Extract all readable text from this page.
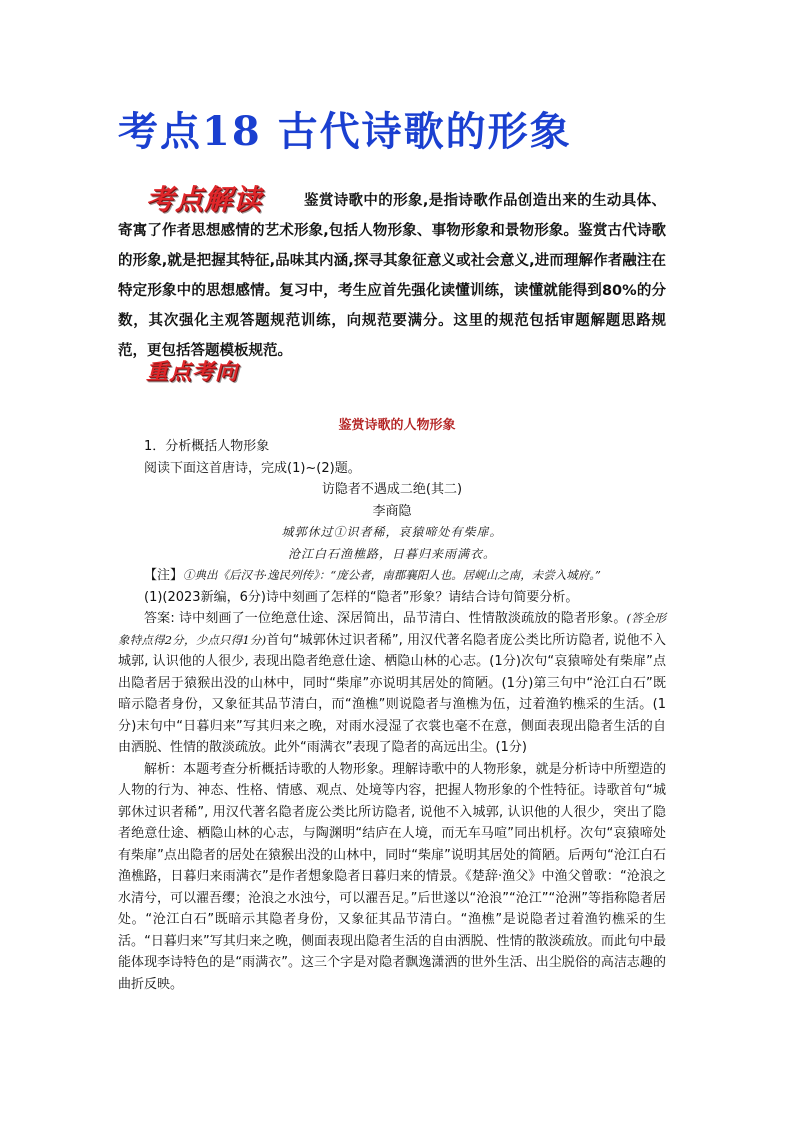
考点18 古代诗歌的形象
考点解读	鉴赏诗歌中的形象,是指诗歌作品创造出来的生动具体、寄寓了作者思想感情的艺术形象,包括人物形象、事物形象和景物形象。鉴赏古代诗歌的形象,就是把握其特征,品味其内涵,探寻其象征意义或社会意义,进而理解作者融注在特定形象中的思想感情。复习中，考生应首先强化读懂训练，读懂就能得到80%的分数，其次强化主观答题规范训练，向规范要满分。这里的规范包括审题解题思路规范，更包括答题模板规范。
重点考向
鉴赏诗歌的人物形象

1．分析概括人物形象

阅读下面这首唐诗，完成(1)~(2)题。

访隐者不遇成二绝(其二)

李商隐

城郭休过①识者稀，哀猿啼处有柴扉。

沧江白石渔樵路，日暮归来雨满衣。

【注】①典出《后汉书·逸民列传》：“庞公者，南郡襄阳人也。居岘山之南，未尝入城府。”

(1)(2023新编，6分)诗中刻画了怎样的“隐者”形象？请结合诗句简要分析。

答案: 诗中刻画了一位绝意仕途、深居简出，品节清白、性情散淡疏放的隐者形象。(答全形象特点得2分，少点只得1分)首句“城郭休过识者稀”, 用汉代著名隐者庞公类比所访隐者, 说他不入城郭, 认识他的人很少, 表现出隐者绝意仕途、栖隐山林的心志。(1分)次句“哀猿啼处有柴扉”点出隐者居于猿猴出没的山林中，同时“柴扉”亦说明其居处的简陋。(1分)第三句中“沧江白石”既暗示隐者身份，又象征其品节清白，而“渔樵”则说隐者与渔樵为伍，过着渔钓樵采的生活。(1分)末句中“日暮归来”写其归来之晚，对雨水浸湿了衣裳也毫不在意，侧面表现出隐者生活的自由洒脱、性情的散淡疏放。此外“雨满衣”表现了隐者的高远出尘。(1分)

解析：本题考查分析概括诗歌的人物形象。理解诗歌中的人物形象，就是分析诗中所塑造的人物的行为、神态、性格、情感、观点、处境等内容，把握人物形象的个性特征。诗歌首句“城郭休过识者稀”, 用汉代著名隐者庞公类比所访隐者, 说他不入城郭, 认识他的人很少，突出了隐者绝意仕途、栖隐山林的心志，与陶渊明“结庐在人境，而无车马喧”同出机杼。次句“哀猿啼处有柴扉”点出隐者的居处在猿猴出没的山林中，同时“柴扉”说明其居处的简陋。后两句“沧江白石渔樵路，日暮归来雨满衣”是作者想象隐者日暮归来的情景。《楚辞·渔父》中渔父曾歌：“沧浪之水清兮，可以濯吾缨；沧浪之水浊兮，可以濯吾足。”后世遂以“沧浪”“沧江”“沧洲”等指称隐者居处。“沧江白石”既暗示其隐者身份，又象征其品节清白。“渔樵”是说隐者过着渔钓樵采的生活。“日暮归来”写其归来之晚，侧面表现出隐者生活的自由洒脱、性情的散淡疏放。而此句中最能体现李诗特色的是“雨满衣”。这三个字是对隐者飘逸潇洒的世外生活、出尘脱俗的高洁志趣的曲折反映。
